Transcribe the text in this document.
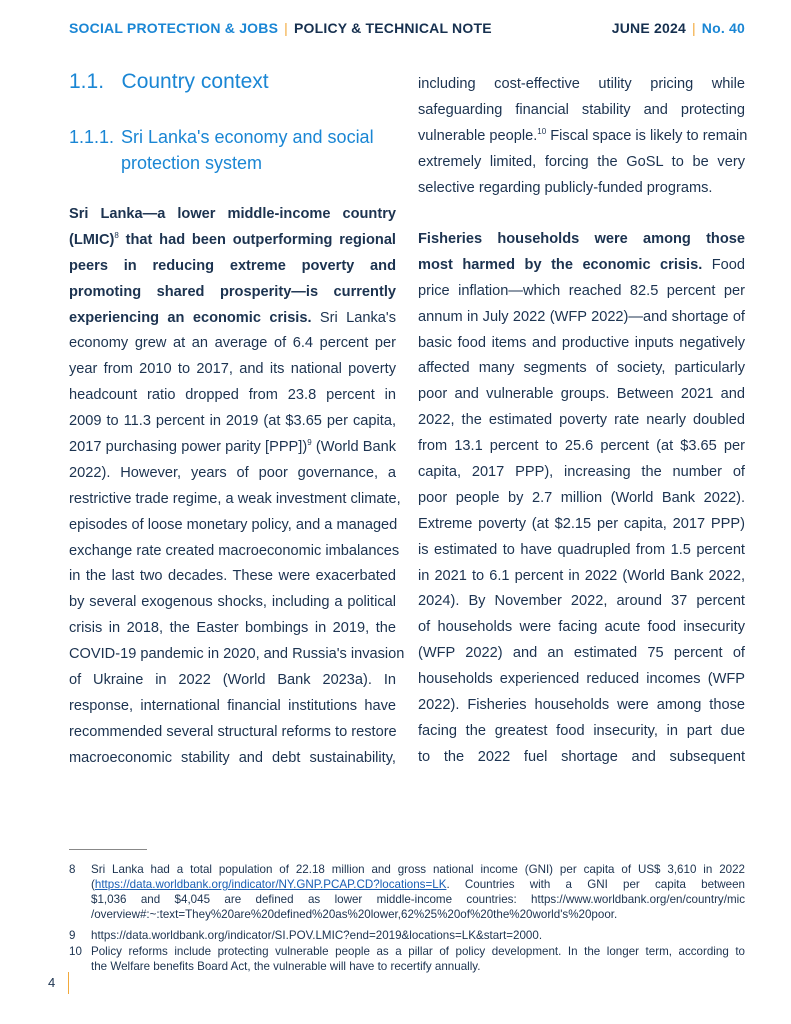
SOCIAL PROTECTION & JOBS | POLICY & TECHNICAL NOTE	JUNE 2024 | No. 40
1.1.   Country context
1.1.1. Sri Lanka's economy and social
protection system
Sri Lanka—a lower middle-income country
(LMIC)$^8$ that had been outperforming regional
peers in reducing extreme poverty and
promoting shared prosperity—is currently
experiencing an economic crisis. Sri Lanka's
economy grew at an average of 6.4 percent per
year from 2010 to 2017, and its national poverty
headcount ratio dropped from 23.8 percent in
2009 to 11.3 percent in 2019 (at $3.65 per capita,
2017 purchasing power parity [PPP])$^9$ (World Bank
2022). However, years of poor governance, a
restrictive trade regime, a weak investment climate,
episodes of loose monetary policy, and a managed
exchange rate created macroeconomic imbalances
in the last two decades. These were exacerbated
by several exogenous shocks, including a political
crisis in 2018, the Easter bombings in 2019, the
COVID-19 pandemic in 2020, and Russia's invasion
of Ukraine in 2022 (World Bank 2023a). In
response, international financial institutions have
recommended several structural reforms to restore
macroeconomic stability and debt sustainability,
including cost-effective utility pricing while
safeguarding financial stability and protecting
vulnerable people.$^{10}$ Fiscal space is likely to remain
extremely limited, forcing the GoSL to be very
selective regarding publicly-funded programs.
Fisheries households were among those
most harmed by the economic crisis. Food
price inflation—which reached 82.5 percent per
annum in July 2022 (WFP 2022)—and shortage of
basic food items and productive inputs negatively
affected many segments of society, particularly
poor and vulnerable groups. Between 2021 and
2022, the estimated poverty rate nearly doubled
from 13.1 percent to 25.6 percent (at $3.65 per
capita, 2017 PPP), increasing the number of
poor people by 2.7 million (World Bank 2022).
Extreme poverty (at $2.15 per capita, 2017 PPP)
is estimated to have quadrupled from 1.5 percent
in 2021 to 6.1 percent in 2022 (World Bank 2022,
2024). By November 2022, around 37 percent
of households were facing acute food insecurity
(WFP 2022) and an estimated 75 percent of
households experienced reduced incomes (WFP
2022). Fisheries households were among those
facing the greatest food insecurity, in part due
to the 2022 fuel shortage and subsequent
8 Sri Lanka had a total population of 22.18 million and gross national income (GNI) per capita of US$ 3,610 in 2022
(https://data.worldbank.org/indicator/NY.GNP.PCAP.CD?locations=LK. Countries with a GNI per capita between
$1,036 and $4,045 are defined as lower middle-income countries: https://www.worldbank.org/en/country/mic
/overview#:~:text=They%20are%20defined%20as%20lower,62%25%20of%20the%20world's%20poor.
9 https://data.worldbank.org/indicator/SI.POV.LMIC?end=2019&locations=LK&start=2000.
10 Policy reforms include protecting vulnerable people as a pillar of policy development. In the longer term, according to
the Welfare benefits Board Act, the vulnerable will have to recertify annually.
4
